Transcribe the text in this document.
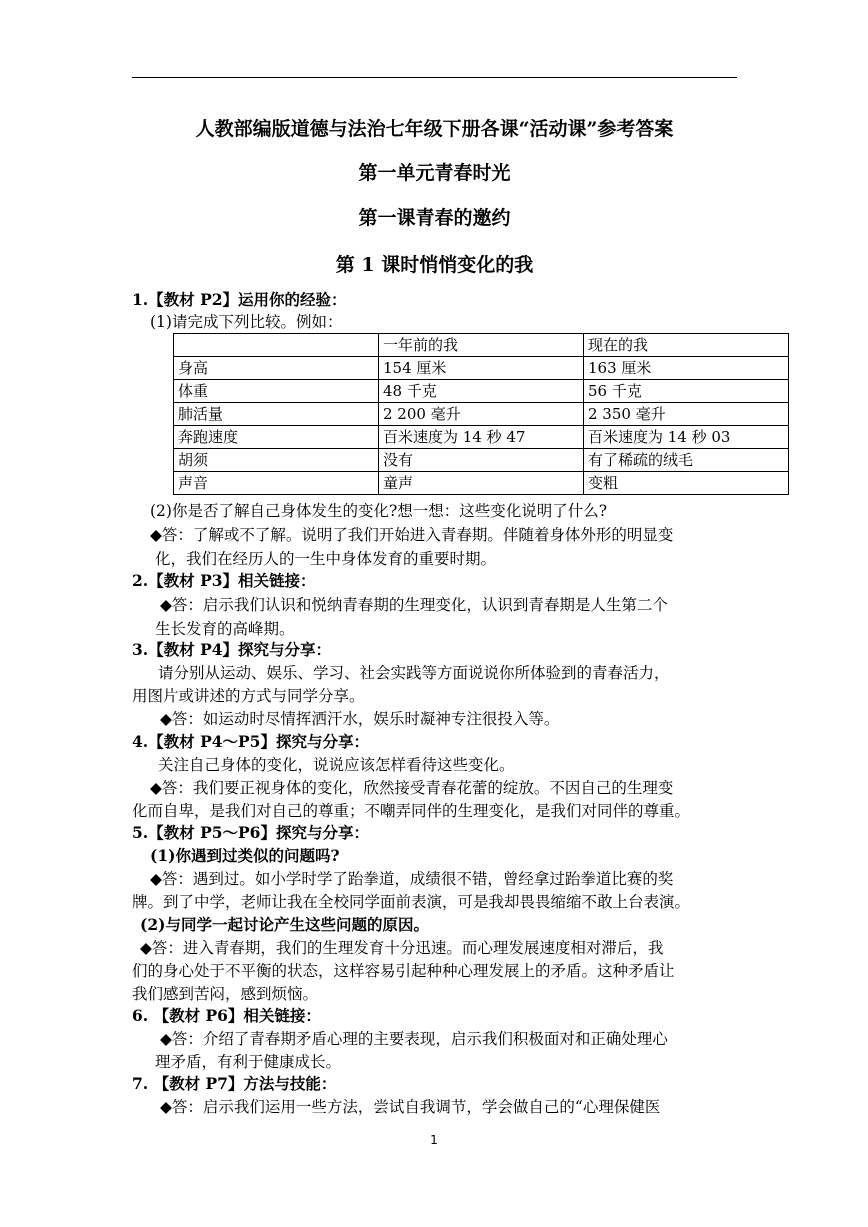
人教部编版道德与法治七年级下册各课“活动课”参考答案
第一单元青春时光
第一课青春的邀约
第 1 课时悄悄变化的我
1.【教材 P2】运用你的经验：
(1)请完成下列比较。例如：
	一年前的我	现在的我
身高	154 厘米	163 厘米
体重	48 千克	56 千克
肺活量	2 200 毫升	2 350 毫升
奔跑速度	百米速度为 14 秒 47	百米速度为 14 秒 03
胡须	没有	有了稀疏的绒毛
声音	童声	变粗
(2)你是否了解自己身体发生的变化?想一想：这些变化说明了什么?
◆答：了解或不了解。说明了我们开始进入青春期。伴随着身体外形的明显变
化，我们在经历人的一生中身体发育的重要时期。
2.【教材 P3】相关链接：
◆答：启示我们认识和悦纳青春期的生理变化，认识到青春期是人生第二个
生长发育的高峰期。
3.【教材 P4】探究与分享：
请分别从运动、娱乐、学习、社会实践等方面说说你所体验到的青春活力，
用图片或讲述的方式与同学分享。
◆答：如运动时尽情挥洒汗水，娱乐时凝神专注很投入等。
4.【教材 P4～P5】探究与分享：
关注自己身体的变化，说说应该怎样看待这些变化。
◆答：我们要正视身体的变化，欣然接受青春花蕾的绽放。不因自己的生理变
化而自卑，是我们对自己的尊重；不嘲弄同伴的生理变化，是我们对同伴的尊重。
5.【教材 P5～P6】探究与分享：
(1)你遇到过类似的问题吗?
◆答：遇到过。如小学时学了跆拳道，成绩很不错，曾经拿过跆拳道比赛的奖
牌。到了中学，老师让我在全校同学面前表演，可是我却畏畏缩缩不敢上台表演。
(2)与同学一起讨论产生这些问题的原因。
◆答：进入青春期，我们的生理发育十分迅速。而心理发展速度相对滞后，我
们的身心处于不平衡的状态，这样容易引起种种心理发展上的矛盾。这种矛盾让
我们感到苦闷，感到烦恼。
6. 【教材 P6】相关链接：
◆答：介绍了青春期矛盾心理的主要表现，启示我们积极面对和正确处理心
理矛盾，有利于健康成长。
7. 【教材 P7】方法与技能：
◆答：启示我们运用一些方法，尝试自我调节，学会做自己的“心理保健医
1
